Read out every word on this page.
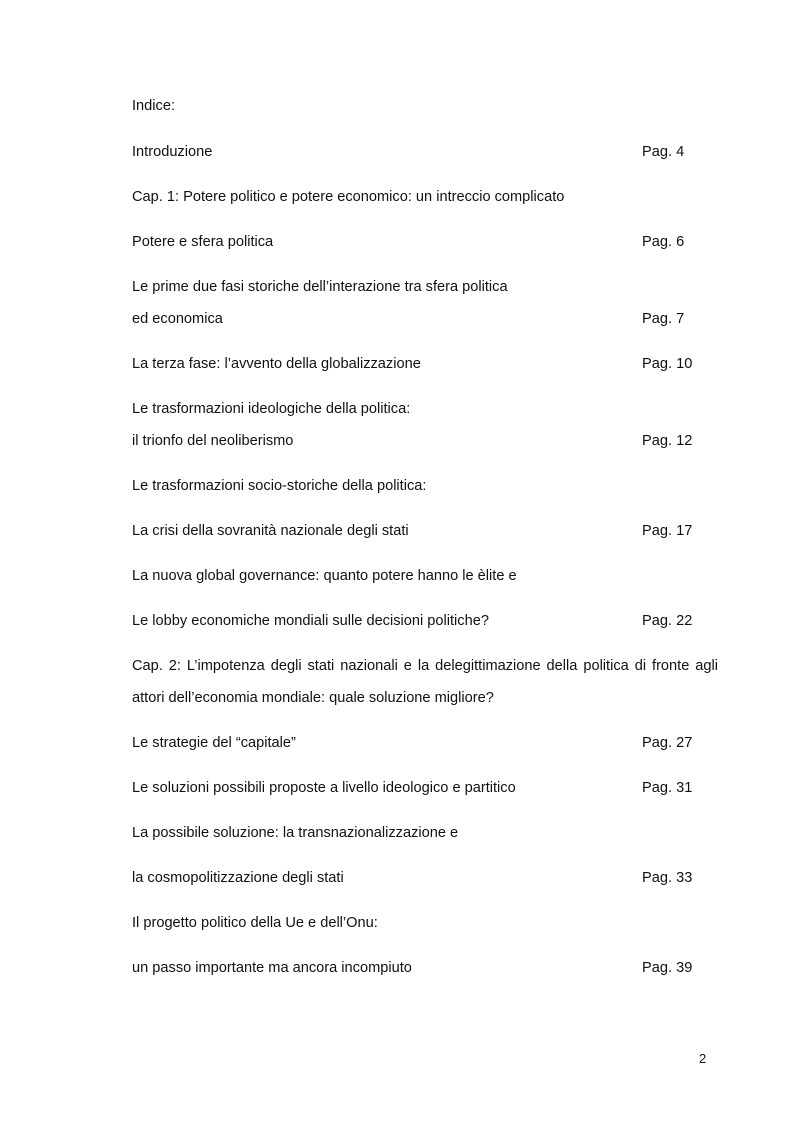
Indice:
Introduzione	Pag. 4
Cap. 1: Potere politico e potere economico: un intreccio complicato
Potere e sfera politica	Pag. 6
Le prime due fasi storiche dell’interazione tra sfera politica
ed economica	Pag. 7
La terza fase: l’avvento della globalizzazione	Pag. 10
Le trasformazioni ideologiche della politica:
il trionfo del neoliberismo	Pag. 12
Le trasformazioni socio-storiche della politica:
La crisi della sovranità nazionale degli stati	Pag. 17
La nuova global governance: quanto potere hanno le èlite e
Le lobby economiche mondiali sulle decisioni politiche?	Pag. 22
Cap. 2: L’impotenza degli stati nazionali e la delegittimazione della politica di fronte agli attori dell’economia mondiale: quale soluzione migliore?
Le strategie del “capitale”	Pag. 27
Le soluzioni possibili proposte a livello ideologico e partitico	Pag. 31
La possibile soluzione: la transnazionalizzazione e
la cosmopolitizzazione degli stati	Pag. 33
Il progetto politico della Ue e dell’Onu:
un passo importante ma ancora incompiuto	Pag. 39
2
